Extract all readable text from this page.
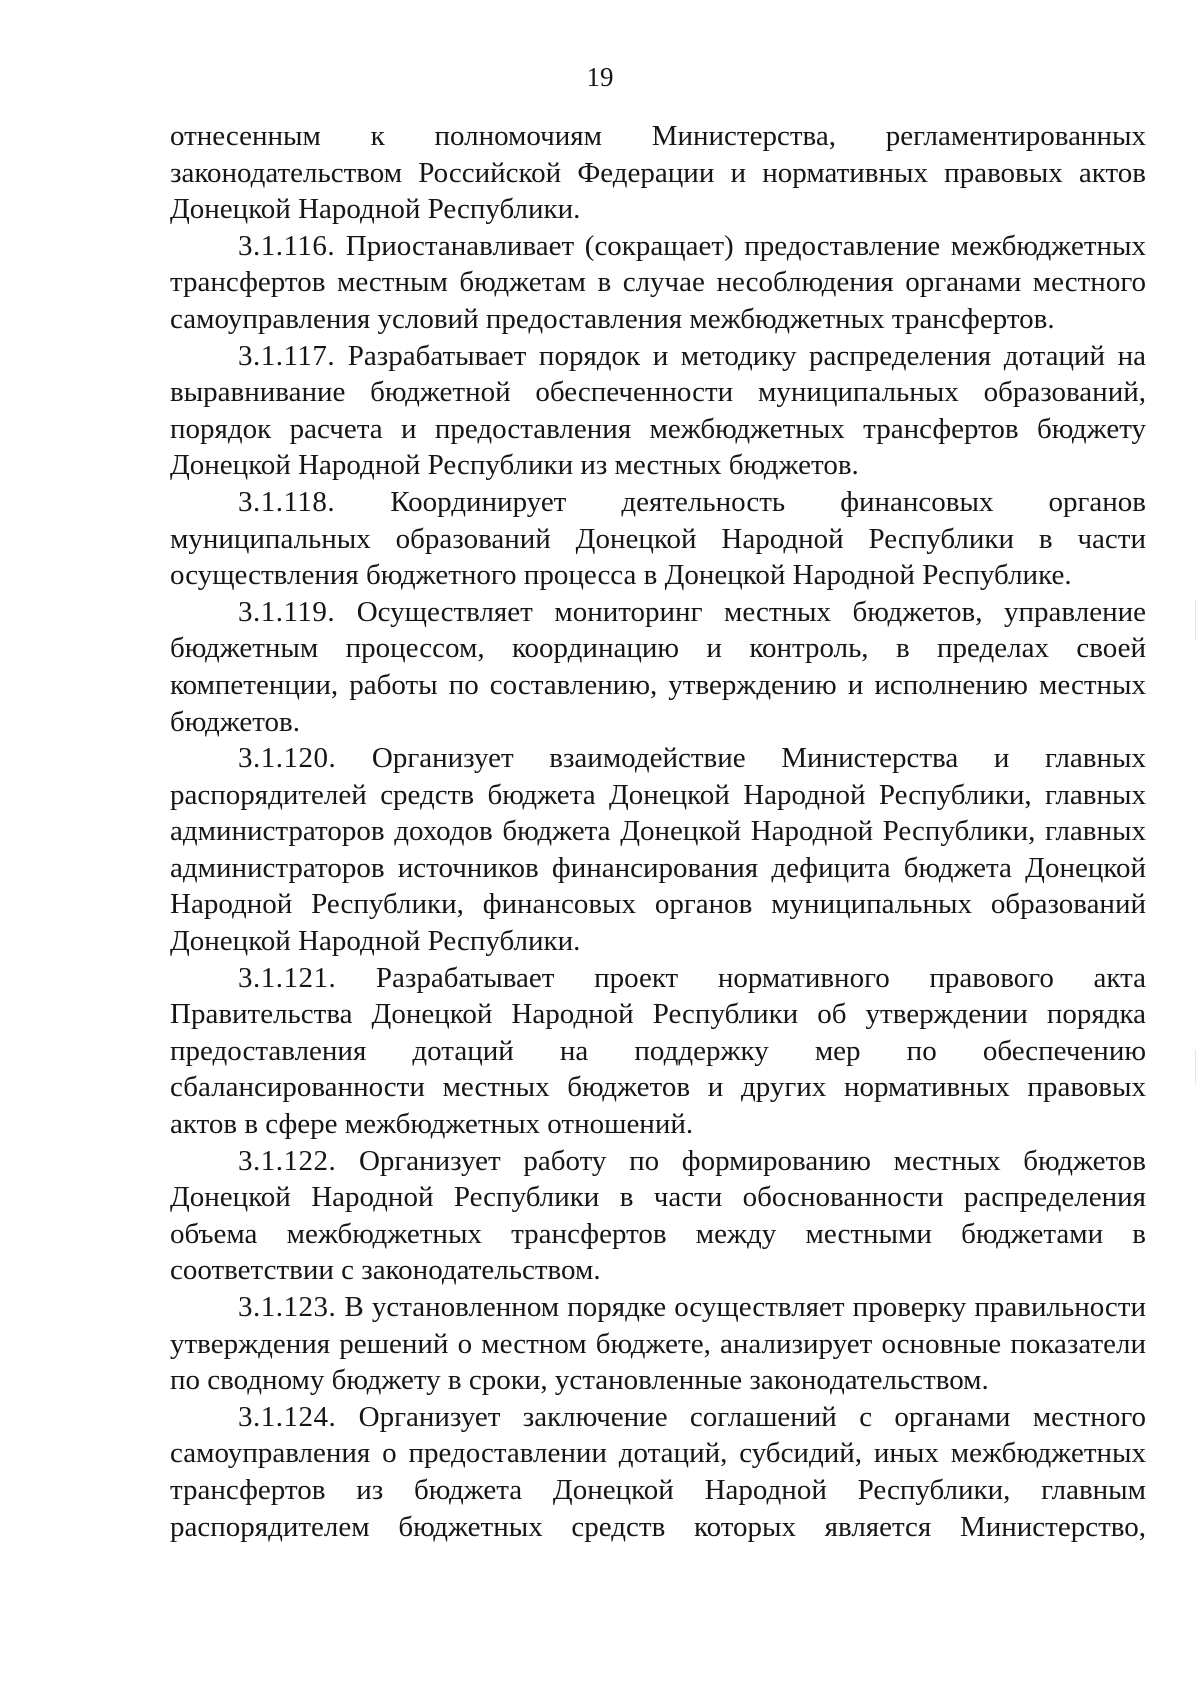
19

отнесенным к полномочиям Министерства, регламентированных законодательством Российской Федерации и нормативных правовых актов Донецкой Народной Республики.

3.1.116. Приостанавливает (сокращает) предоставление межбюджетных трансфертов местным бюджетам в случае несоблюдения органами местного самоуправления условий предоставления межбюджетных трансфертов.

3.1.117. Разрабатывает порядок и методику распределения дотаций на выравнивание бюджетной обеспеченности муниципальных образований, порядок расчета и предоставления межбюджетных трансфертов бюджету Донецкой Народной Республики из местных бюджетов.

3.1.118. Координирует деятельность финансовых органов муниципальных образований Донецкой Народной Республики в части осуществления бюджетного процесса в Донецкой Народной Республике.

3.1.119. Осуществляет мониторинг местных бюджетов, управление бюджетным процессом, координацию и контроль, в пределах своей компетенции, работы по составлению, утверждению и исполнению местных бюджетов.

3.1.120. Организует взаимодействие Министерства и главных распорядителей средств бюджета Донецкой Народной Республики, главных администраторов доходов бюджета Донецкой Народной Республики, главных администраторов источников финансирования дефицита бюджета Донецкой Народной Республики, финансовых органов муниципальных образований Донецкой Народной Республики.

3.1.121. Разрабатывает проект нормативного правового акта Правительства Донецкой Народной Республики об утверждении порядка предоставления дотаций на поддержку мер по обеспечению сбалансированности местных бюджетов и других нормативных правовых актов в сфере межбюджетных отношений.

3.1.122. Организует работу по формированию местных бюджетов Донецкой Народной Республики в части обоснованности распределения объема межбюджетных трансфертов между местными бюджетами в соответствии с законодательством.

3.1.123. В установленном порядке осуществляет проверку правильности утверждения решений о местном бюджете, анализирует основные показатели по сводному бюджету в сроки, установленные законодательством.

3.1.124. Организует заключение соглашений с органами местного самоуправления о предоставлении дотаций, субсидий, иных межбюджетных трансфертов из бюджета Донецкой Народной Республики, главным распорядителем бюджетных средств которых является Министерство,
